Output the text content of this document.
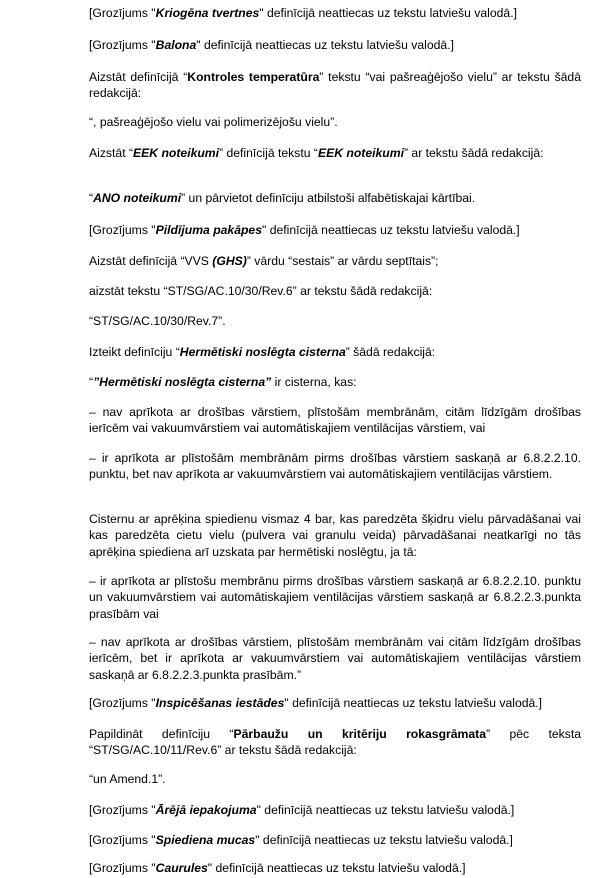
[Grozījums "Kriogēna tvertnes" definīcijā neattiecas uz tekstu latviešu valodā.]

[Grozījums "Balona" definīcijā neattiecas uz tekstu latviešu valodā.]

Aizstāt definīcijā “Kontroles temperatūra” tekstu “vai pašreaģējošo vielu” ar tekstu šādā redakcijā:

“, pašreaģējošo vielu vai polimerizējošu vielu”.

Aizstāt “EEK noteikumi” definīcijā tekstu “EEK noteikumi” ar tekstu šādā redakcijā:

“ANO noteikumi” un pārvietot definīciju atbilstoši alfabētiskajai kārtībai.

[Grozījums "Pildījuma pakāpes" definīcijā neattiecas uz tekstu latviešu valodā.]

Aizstāt definīcijā “VVS (GHS)” vārdu “sestais” ar vārdu septītais”;

aizstāt tekstu “ST/SG/AC.10/30/Rev.6” ar tekstu šādā redakcijā:

“ST/SG/AC.10/30/Rev.7”.

Izteikt definīciju “Hermētiski noslēgta cisterna” šādā redakcijā:

“”Hermētiski noslēgta cisterna” ir cisterna, kas:

– nav aprīkota ar drošības vārstiem, plīstošām membrānām, citām līdzīgām drošības ierīcēm vai vakuumvārstiem vai automātiskajiem ventilācijas vārstiem, vai

– ir aprīkota ar plīstošām membrānām pirms drošības vārstiem saskaņā ar 6.8.2.2.10. punktu, bet nav aprīkota ar vakuumvārstiem vai automātiskajiem ventilācijas vārstiem.

Cisternu ar aprēķina spiedienu vismaz 4 bar, kas paredzēta šķidru vielu pārvadāšanai vai kas paredzēta cietu vielu (pulvera vai granulu veida) pārvadāšanai neatkarīgi no tās aprēķina spiediena arī uzskata par hermētiski noslēgtu, ja tā:

– ir aprīkota ar plīstošu membrānu pirms drošības vārstiem saskaņā ar 6.8.2.2.10. punktu un vakuumvārstiem vai automātiskajiem ventilācijas vārstiem saskaņā ar 6.8.2.2.3.punkta prasībām vai

– nav aprīkota ar drošības vārstiem, plīstošām membrānām vai citām līdzīgām drošības ierīcēm, bet ir aprīkota ar vakuumvārstiem vai automātiskajiem ventilācijas vārstiem saskaņā ar 6.8.2.2.3.punkta prasībām.”

[Grozījums "Inspicēšanas iestādes" definīcijā neattiecas uz tekstu latviešu valodā.]

Papildināt definīciju “Pārbaužu un kritēriju rokasgrāmata” pēc teksta “ST/SG/AC.10/11/Rev.6” ar tekstu šādā redakcijā:

“un Amend.1”.

[Grozījums "Ārējā iepakojuma" definīcijā neattiecas uz tekstu latviešu valodā.]

[Grozījums "Spiediena mucas" definīcijā neattiecas uz tekstu latviešu valodā.]

[Grozījums "Caurules" definīcijā neattiecas uz tekstu latviešu valodā.]
